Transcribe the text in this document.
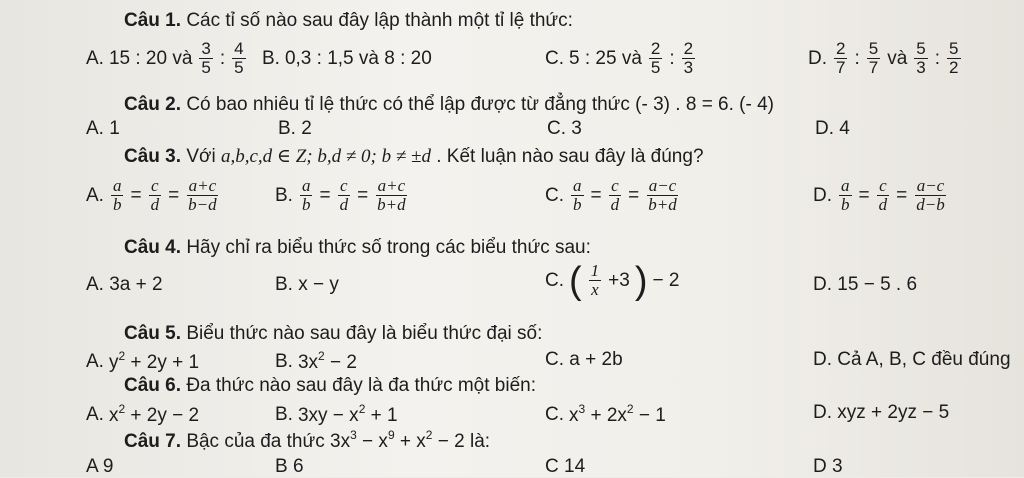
Câu 1. Các tỉ số nào sau đây lập thành một tỉ lệ thức:
A. 15 : 20 và $\frac{3}{5}$ : $\frac{4}{5} B$. 0,3 : 1,5 và 8 : 20	C. 5 : 25 và $\frac{2}{5}$ : $\frac{2}{3}$	D. $\frac{2}{7}$ : $\frac{5}{7}$ và $\frac{5}{3}$ : $\frac{5}{2}$
Câu 2. Có bao nhiêu tỉ lệ thức có thể lập được từ đẳng thức (- 3) . 8 = 6. (- 4)
A. 1	B. 2	C. 3	D. 4
Câu 3. Với a,b,c,d ∈ Z; b,d ≠ 0; b ≠ ±d . Kết luận nào sau đây là đúng?
A. $\frac{a}{b} = \frac{c}{d} = \frac{a+c}{b-d}$	B. $\frac{a}{b} = \frac{c}{d} = \frac{a+c}{b+d}$	C. $\frac{a}{b} = \frac{c}{d} = \frac{a-c}{b+d}$	D. $\frac{a}{b} = \frac{c}{d} = \frac{a-c}{d-b}$
Câu 4. Hãy chỉ ra biểu thức số trong các biểu thức sau:
A. 3a + 2	B. x − y	C. ( $\frac{1}{x} +3$ ) − 2	D. 15 − 5 . 6
Câu 5. Biểu thức nào sau đây là biểu thức đại số:
A. $y^2 + 2y + 1$	B. $3x^2 - 2$	C. a + 2b	D. Cả A, B, C đều đúng
Câu 6. Đa thức nào sau đây là đa thức một biến:
A. $x^2 + 2y - 2$	B. $3xy - x^2 + 1$	C. $x^3 + 2x^2 - 1$	D. xyz + 2yz − 5
Câu 7. Bậc của đa thức $3x^3 - x^9 + x^2 - 2$ là:
A 9	B 6	C 14	D 3
